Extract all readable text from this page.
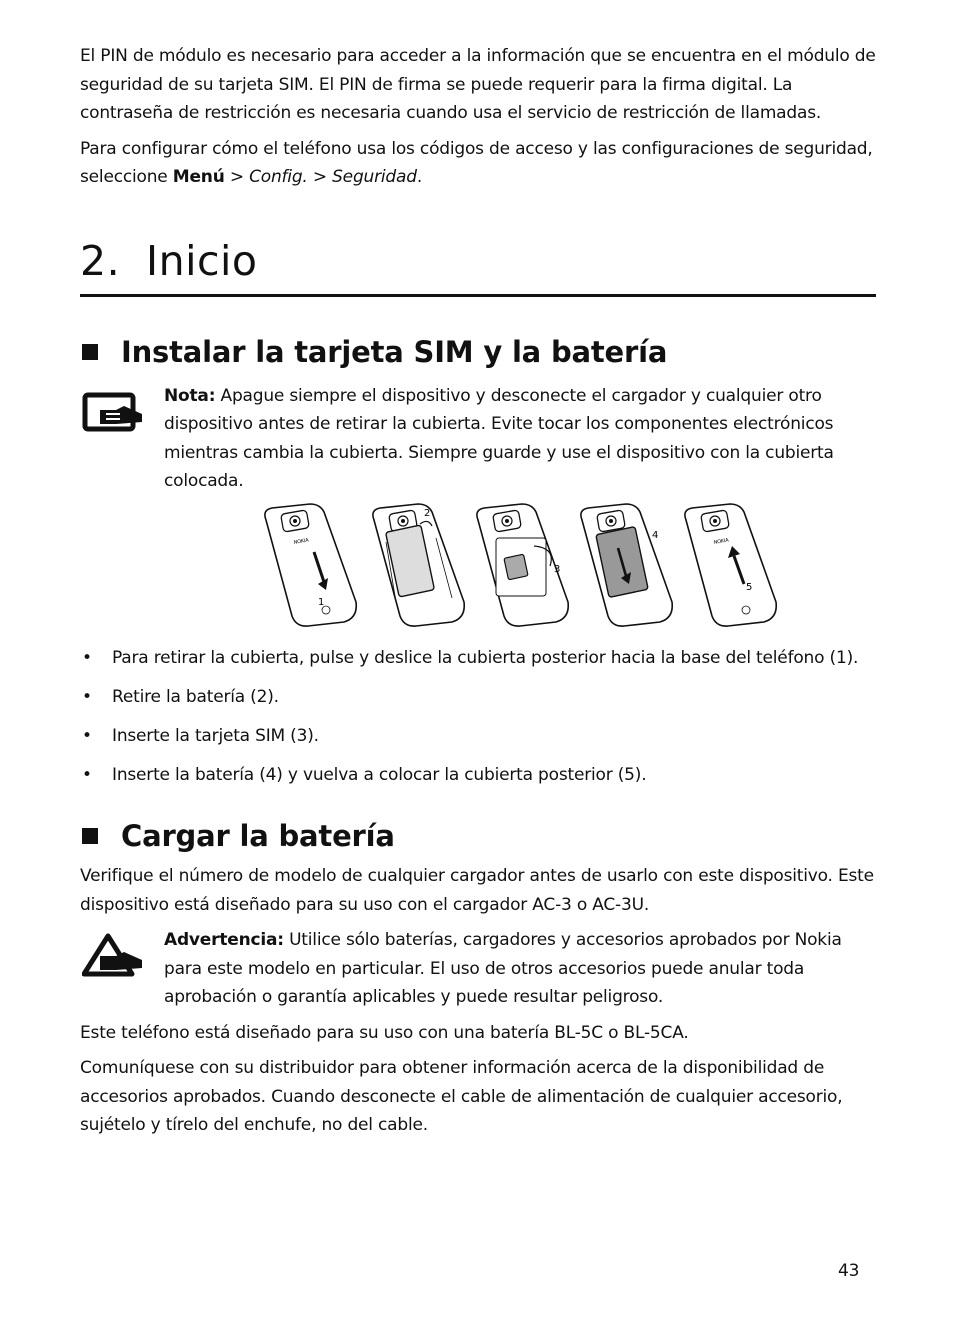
El PIN de módulo es necesario para acceder a la información que se encuentra en el módulo de seguridad de su tarjeta SIM. El PIN de firma se puede requerir para la firma digital. La contraseña de restricción es necesaria cuando usa el servicio de restricción de llamadas.

Para configurar cómo el teléfono usa los códigos de acceso y las configuraciones de seguridad, seleccione Menú > Config. > Seguridad.

2. Inicio
Instalar la tarjeta SIM y la batería

Nota: Apague siempre el dispositivo y desconecte el cargador y cualquier otro dispositivo antes de retirar la cubierta. Evite tocar los componentes electrónicos mientras cambia la cubierta. Siempre guarde y use el dispositivo con la cubierta colocada.

NOKIA
1
2
3
4
NOKIA
5
• Para retirar la cubierta, pulse y deslice la cubierta posterior hacia la base del teléfono (1).
• Retire la batería (2).
• Inserte la tarjeta SIM (3).
• Inserte la batería (4) y vuelva a colocar la cubierta posterior (5).
Cargar la batería

Verifique el número de modelo de cualquier cargador antes de usarlo con este dispositivo. Este dispositivo está diseñado para su uso con el cargador AC-3 o AC-3U.

Advertencia: Utilice sólo baterías, cargadores y accesorios aprobados por Nokia para este modelo en particular. El uso de otros accesorios puede anular toda aprobación o garantía aplicables y puede resultar peligroso.

Este teléfono está diseñado para su uso con una batería BL-5C o BL-5CA.

Comuníquese con su distribuidor para obtener información acerca de la disponibilidad de accesorios aprobados. Cuando desconecte el cable de alimentación de cualquier accesorio, sujételo y tírelo del enchufe, no del cable.

43
